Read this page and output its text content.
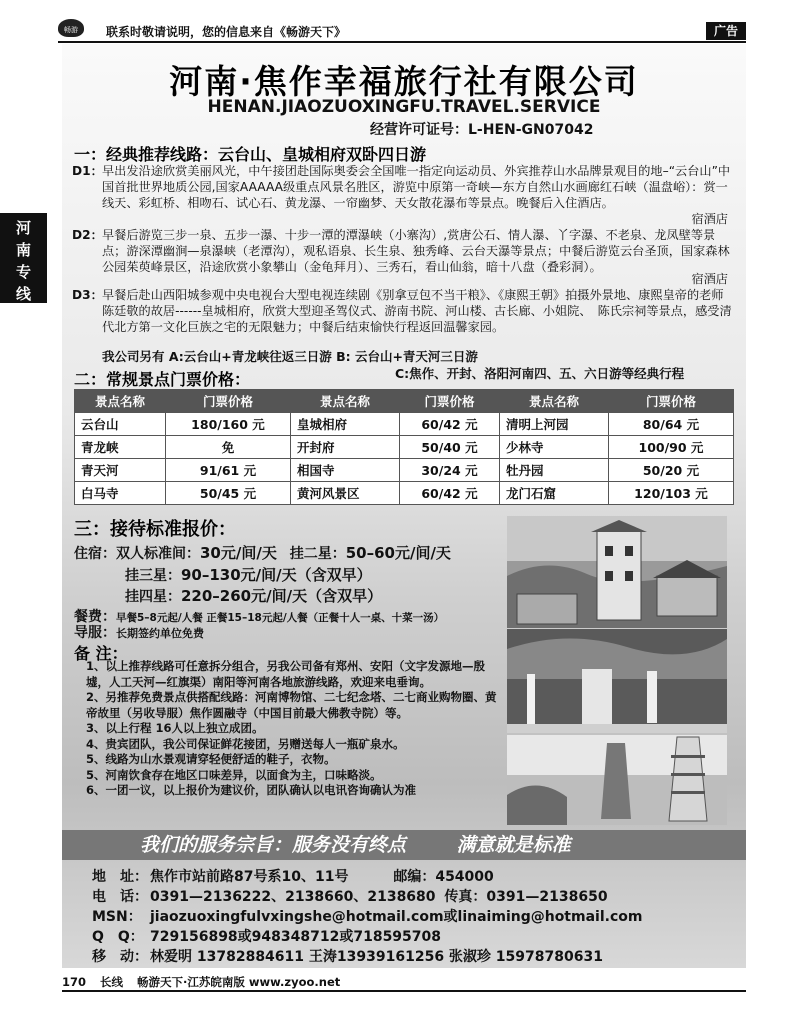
畅游	联系时敬请说明，您的信息来自《畅游天下》	广告
河南专线
河南·焦作幸福旅行社有限公司
HENAN.JIAOZUOXINGFU.TRAVEL.SERVICE
经营许可证号：L-HEN-GN07042
一：经典推荐线路：云台山、皇城相府双卧四日游
D1： 早出发沿途欣赏美丽风光，中午接团赴国际奥委会全国唯一指定向运动员、外宾推荐山水品牌景观目的地–“云台山”中国首批世界地质公园,国家AAAAA级重点风景名胜区，游览中原第一奇峡—东方自然山水画廊红石峡（温盘峪）：赏一线天、彩虹桥、相吻石、试心石、黄龙瀑、一帘幽梦、天女散花瀑布等景点。晚餐后入住酒店。
宿酒店
D2： 早餐后游览三步一泉、五步一瀑、十步一潭的潭瀑峡（小寨沟）,赏唐公石、情人瀑、丫字瀑、不老泉、龙凤壁等景点；游深潭幽涧—泉瀑峡（老潭沟），观私语泉、长生泉、独秀峰、云台天瀑等景点；中餐后游览云台圣顶，国家森林公园茱萸峰景区，沿途欣赏小象攀山（金龟拜月）、三秀石，看山仙翁，暗十八盘（叠彩洞）。
宿酒店
D3： 早餐后赴山西阳城参观中央电视台大型电视连续剧《别拿豆包不当干粮》、《康熙王朝》拍摄外景地、康熙皇帝的老师陈廷敬的故居------皇城相府，欣赏大型迎圣驾仪式、游南书院、河山楼、古长廊、小姐院、　陈氏宗祠等景点，感受清代北方第一文化巨族之宅的无限魅力；中餐后结束愉快行程返回温馨家园。
我公司另有 A:云台山+青龙峡往返三日游 B: 云台山+青天河三日游
C:焦作、开封、洛阳河南四、五、六日游等经典行程
二：常规景点门票价格：
景点名称	门票价格	景点名称	门票价格	景点名称	门票价格
云台山	180/160 元	皇城相府	60/42 元	清明上河园	80/64 元
青龙峡	免	开封府	50/40 元	少林寺	100/90 元
青天河	91/61 元	相国寺	30/24 元	牡丹园	50/20 元
白马寺	50/45 元	黄河风景区	60/42 元	龙门石窟	120/103 元
三：接待标准报价：
住宿：双人标准间：30元/间/天 挂二星：50–60元/间/天
挂三星：90–130元/间/天（含双早）
挂四星：220–260元/间/天（含双早）
餐费：早餐5–8元起/人餐 正餐15–18元起/人餐（正餐十人一桌、十菜一汤）
导服：长期签约单位免费
备 注：
1、以上推荐线路可任意拆分组合，另我公司备有郑州、安阳（文字发源地—殷墟，人工天河—红旗渠）南阳等河南各地旅游线路，欢迎来电垂询。
2、另推荐免费景点供搭配线路：河南博物馆、二七纪念塔、二七商业购物圈、黄帝故里（另收导服）焦作圆融寺（中国目前最大佛教寺院）等。
3、以上行程 16人以上独立成团。
4、贵宾团队，我公司保证鲜花接团，另赠送每人一瓶矿泉水。
5、线路为山水景观请穿轻便舒适的鞋子，衣物。
5、河南饮食存在地区口味差异，以面食为主，口味略淡。
6、一团一议，以上报价为建议价，团队确认以电讯咨询确认为准
我们的服务宗旨：服务没有终点	满意就是标准
地　址： 焦作市站前路87号系10、11号	邮编：454000
电　话： 0391—2136222、2138660、2138680 传真：0391—2138650
MSN： jiaozuoxingfulvxingshe@hotmail.com或linaiming@hotmail.com
Q　Q： 729156898或948348712或718595708
移　动： 林爱明 13782884611 王涛13939161256 张淑珍 15978780631
170 长线 畅游天下·江苏皖南版 www.zyoo.net
